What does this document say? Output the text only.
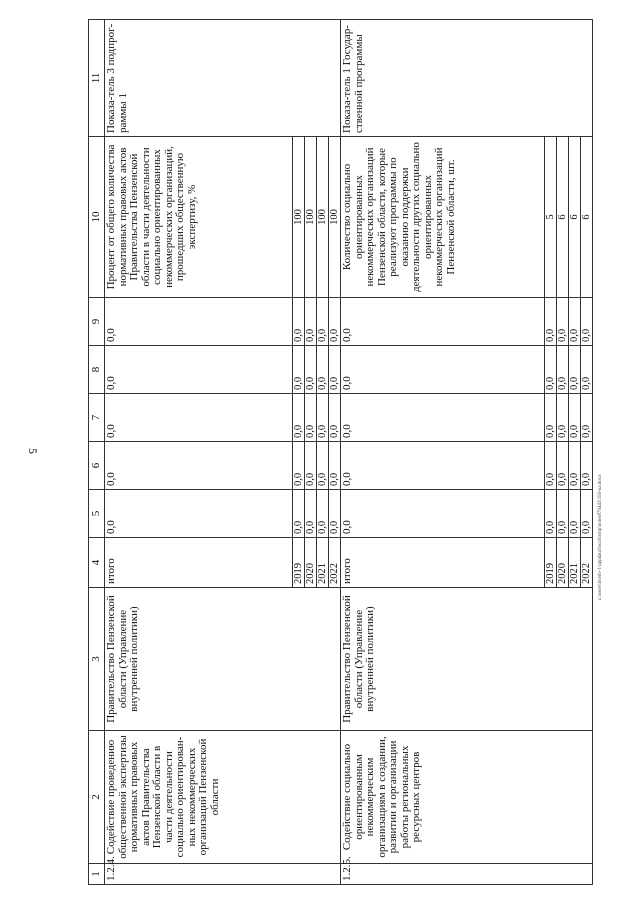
5
c:\users\borsh~1\appdata\local\temp\notes879443\193-ua.docx
1	2	3	4	5	6	7	8	9	10	11
1.2.4.	Содействие проведению общественной экспертизы нормативных правовых актов Правительства Пензенской области в части деятельности социально ориентирован-ных некоммерческих организаций Пензенской области	Правительство Пензенской области (Управление внутренней политики)	итого	0,0	0,0	0,0	0,0	0,0	Процент от общего количества нормативных правовых актов Правительства Пензенской области в части деятельности социально ориентированных некоммерческих организаций, прошедших общественную экспертизу, %	Показа-тель 3 подпрог-раммы 1
			2019	0,0	0,0	0,0	0,0	0,0	100	
			2020	0,0	0,0	0,0	0,0	0,0	100	
			2021	0,0	0,0	0,0	0,0	0,0	100	
			2022	0,0	0,0	0,0	0,0	0,0	100	
1.2.5.	Содействие социально ориентированным некоммерческим организациям в создании, развитии и организации работы региональных ресурсных центров	Правительство Пензенской области (Управление внутренней политики)	итого	0,0	0,0	0,0	0,0	0,0	Количество социально ориентированных некоммерческих организаций Пензенской области, которые реализуют программы по оказанию поддержки деятельности других социально ориентированных некоммерческих организаций Пензенской области, шт.	Показа-тель 1 Государ-ственной программы
			2019	0,0	0,0	0,0	0,0	0,0	5	
			2020	0,0	0,0	0,0	0,0	0,0	6	
			2021	0,0	0,0	0,0	0,0	0,0	6	
			2022	0,0	0,0	0,0	0,0	0,0	6	
